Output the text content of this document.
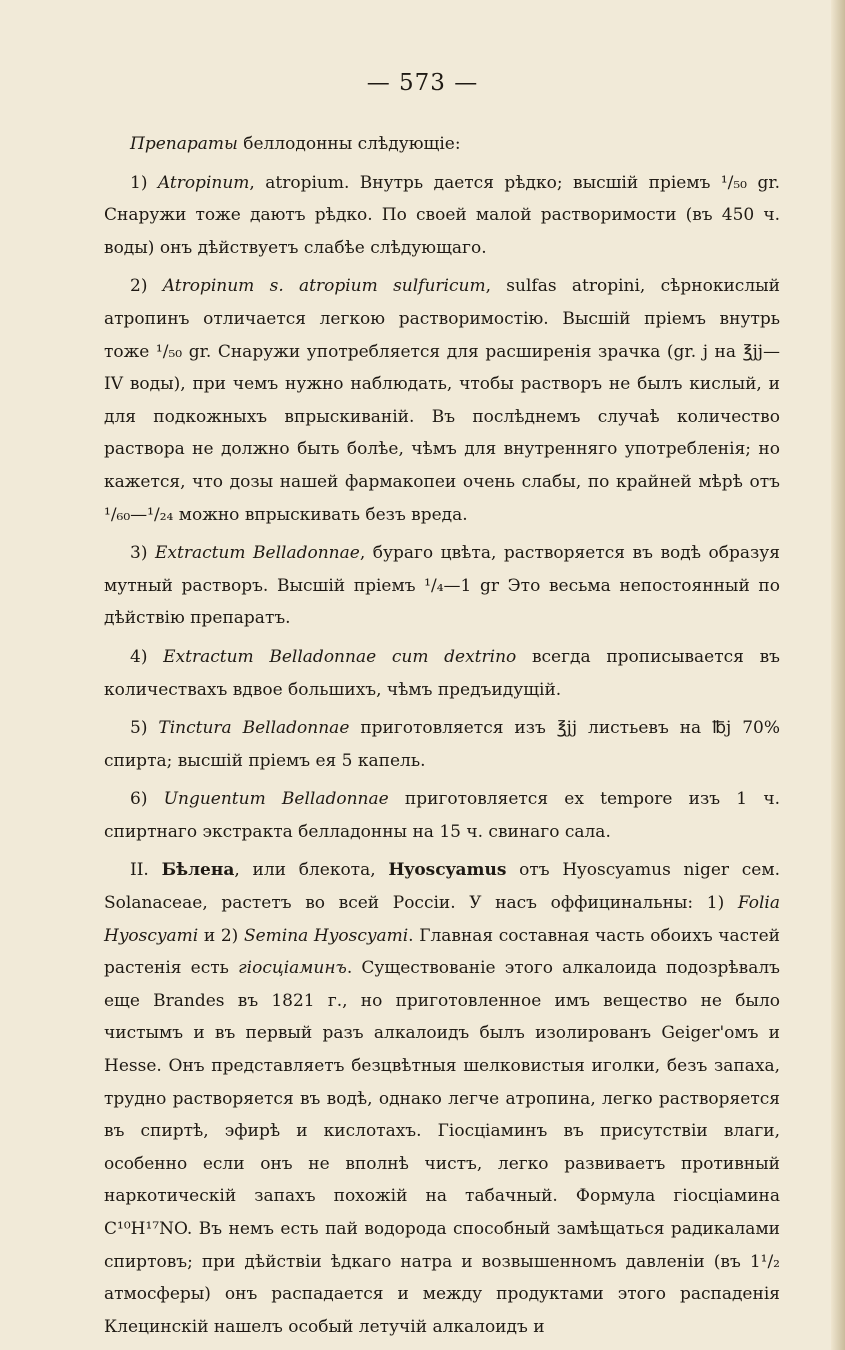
— 573 —

Препараты беллодонны слѣдующіе:

1) Atropinum, atropium. Внутрь дается рѣдко; высшій пріемъ ¹/₅₀ gr. Снаружи тоже даютъ рѣдко. По своей малой растворимости (въ 450 ч. воды) онъ дѣйствуетъ слабѣе слѣдующаго.

2) Atropinum s. atropium sulfuricum, sulfas atropini, сѣрнокислый атропинъ отличается легкою растворимостію. Высшій пріемъ внутрь тоже ¹/₅₀ gr. Снаружи употребляется для расширенія зрачка (gr. j на ℥jj—IV воды), при чемъ нужно наблюдать, чтобы растворъ не былъ кислый, и для подкожныхъ впрыскиваній. Въ послѣднемъ случаѣ количество раствора не должно быть болѣе, чѣмъ для внутренняго употребленія; но кажется, что дозы нашей фармакопеи очень слабы, по крайней мѣрѣ отъ ¹/₆₀—¹/₂₄ можно впрыскивать безъ вреда.

3) Extractum Belladonnae, бураго цвѣта, растворяется въ водѣ образуя мутный растворъ. Высшій пріемъ ¹/₄—1 gr Это весьма непостоянный по дѣйствію препаратъ.

4) Extractum Belladonnae cum dextrino всегда прописывается въ количествахъ вдвое большихъ, чѣмъ предъидущій.

5) Tinctura Belladonnae приготовляется изъ ℥jj листьевъ на ℔j 70% спирта; высшій пріемъ ея 5 капель.

6) Unguentum Belladonnae приготовляется ex tempore изъ 1 ч. спиртнаго экстракта белладонны на 15 ч. свинаго сала.

II. Бѣлена, или блекота, Hyoscyamus отъ Hyoscyamus niger сем. Solanaceae, растетъ во всей Россіи. У насъ оффицинальны: 1) Folia Hyoscyami и 2) Semina Hyoscyami. Главная составная часть обоихъ частей растенія есть гіосціаминъ. Существованіе этого алкалоида подозрѣвалъ еще Brandes въ 1821 г., но приготовленное имъ вещество не было чистымъ и въ первый разъ алкалоидъ былъ изолированъ Geiger'омъ и Hesse. Онъ представляетъ безцвѣтныя шелковистыя иголки, безъ запаха, трудно растворяется въ водѣ, однако легче атропина, легко растворяется въ спиртѣ, эфирѣ и кислотахъ. Гіосціаминъ въ присутствіи влаги, особенно если онъ не вполнѣ чистъ, легко развиваетъ противный наркотическій запахъ похожій на табачный. Формула гіосціамина C¹⁰H¹⁷NO. Въ немъ есть пай водорода способный замѣщаться радикалами спиртовъ; при дѣйствіи ѣдкаго натра и возвышенномъ давленіи (въ 1¹/₂ атмосферы) онъ распадается и между продуктами этого распаденія Клецинскій нашелъ особый летучій алкалоидъ и
